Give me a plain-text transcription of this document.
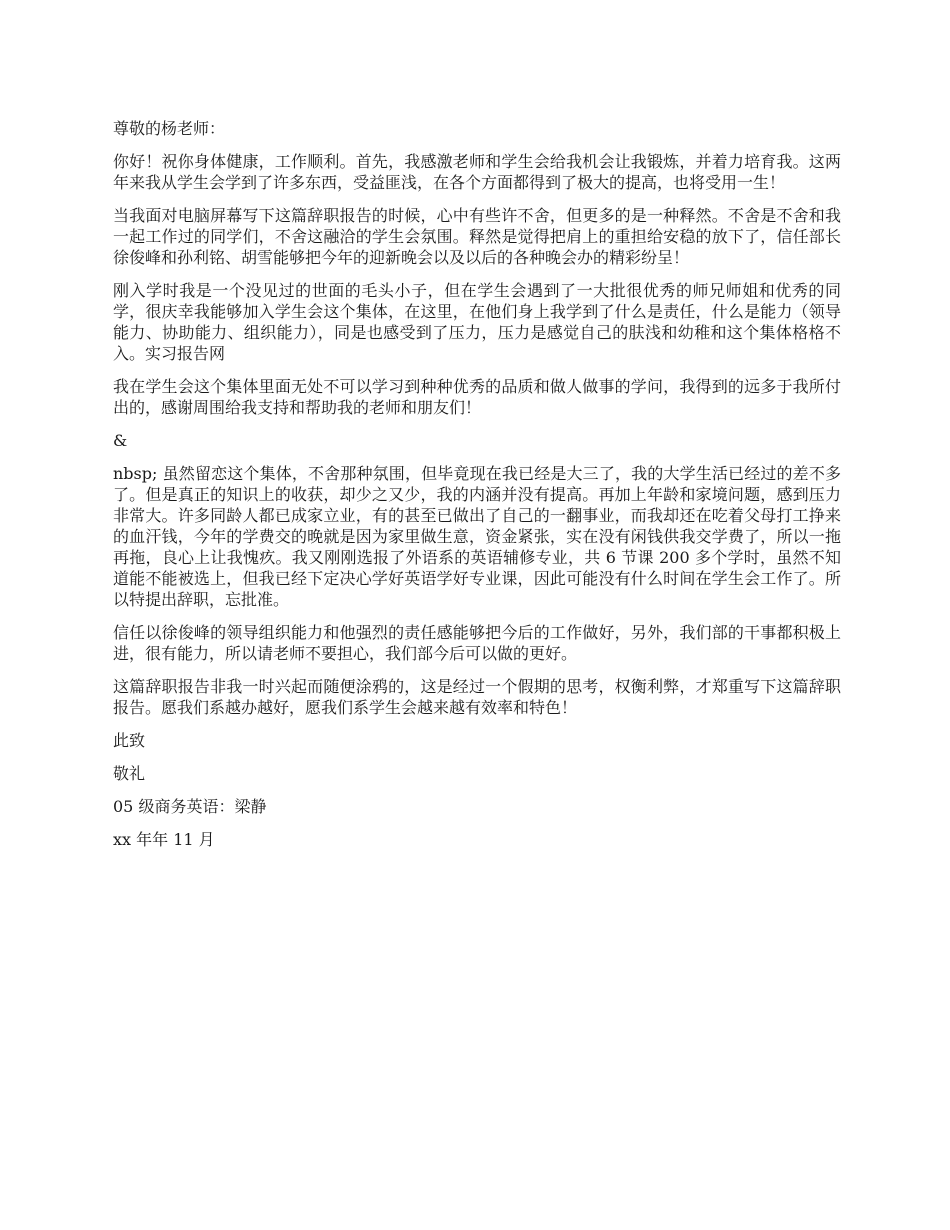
尊敬的杨老师：

你好！祝你身体健康，工作顺利。首先，我感激老师和学生会给我机会让我锻炼，并着力培育我。这两年来我从学生会学到了许多东西，受益匪浅，在各个方面都得到了极大的提高，也将受用一生！

当我面对电脑屏幕写下这篇辞职报告的时候，心中有些许不舍，但更多的是一种释然。不舍是不舍和我一起工作过的同学们，不舍这融洽的学生会氛围。释然是觉得把肩上的重担给安稳的放下了，信任部长徐俊峰和孙利铭、胡雪能够把今年的迎新晚会以及以后的各种晚会办的精彩纷呈！

刚入学时我是一个没见过的世面的毛头小子，但在学生会遇到了一大批很优秀的师兄师姐和优秀的同学，很庆幸我能够加入学生会这个集体，在这里，在他们身上我学到了什么是责任，什么是能力（领导能力、协助能力、组织能力），同是也感受到了压力，压力是感觉自己的肤浅和幼稚和这个集体格格不入。实习报告网

我在学生会这个集体里面无处不可以学习到种种优秀的品质和做人做事的学问，我得到的远多于我所付出的，感谢周围给我支持和帮助我的老师和朋友们！

&

nbsp; 虽然留恋这个集体，不舍那种氛围，但毕竟现在我已经是大三了，我的大学生活已经过的差不多了。但是真正的知识上的收获，却少之又少，我的内涵并没有提高。再加上年龄和家境问题，感到压力非常大。许多同龄人都已成家立业，有的甚至已做出了自己的一翻事业，而我却还在吃着父母打工挣来的血汗钱，今年的学费交的晚就是因为家里做生意，资金紧张，实在没有闲钱供我交学费了，所以一拖再拖，良心上让我愧疚。我又刚刚选报了外语系的英语辅修专业，共 6 节课 200 多个学时，虽然不知道能不能被选上，但我已经下定决心学好英语学好专业课，因此可能没有什么时间在学生会工作了。所以特提出辞职，忘批准。

信任以徐俊峰的领导组织能力和他强烈的责任感能够把今后的工作做好，另外，我们部的干事都积极上进，很有能力，所以请老师不要担心，我们部今后可以做的更好。

这篇辞职报告非我一时兴起而随便涂鸦的，这是经过一个假期的思考，权衡利弊，才郑重写下这篇辞职报告。愿我们系越办越好，愿我们系学生会越来越有效率和特色！

此致

敬礼

05 级商务英语：梁静

xx 年年 11 月
